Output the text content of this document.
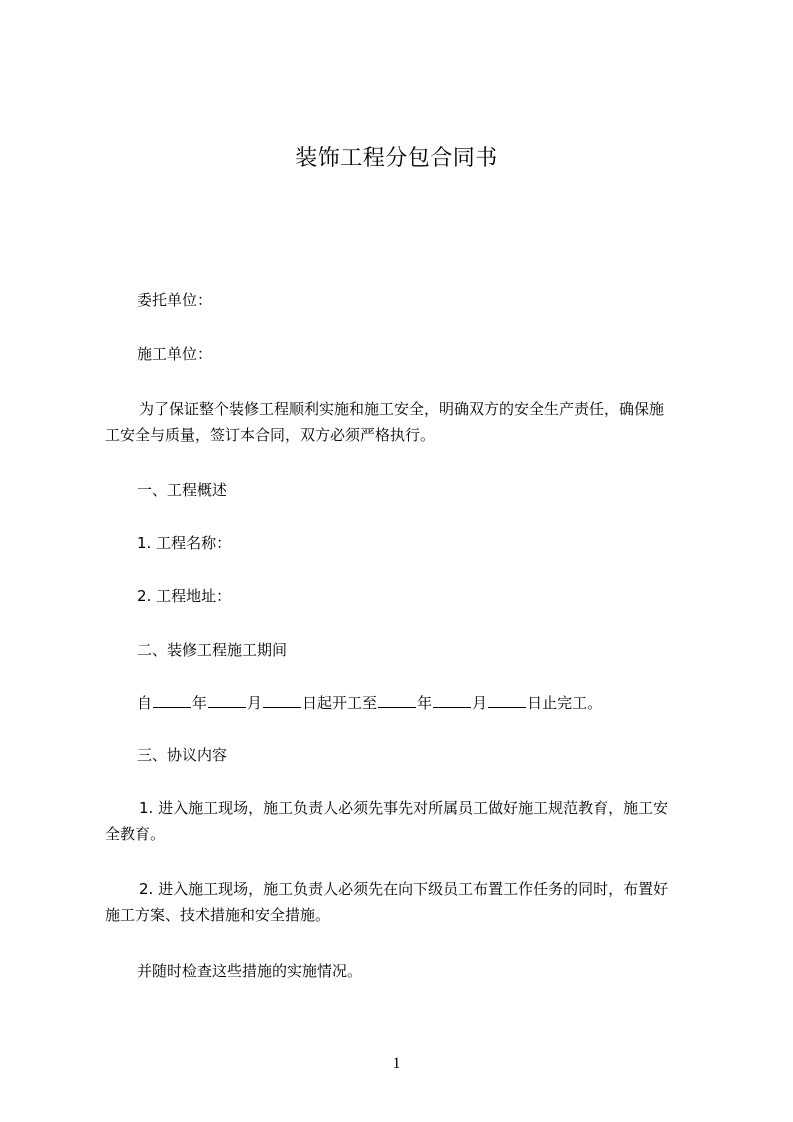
装饰工程分包合同书
委托单位：
施工单位：
为了保证整个装修工程顺利实施和施工安全，明确双方的安全生产责任，确保施
工安全与质量，签订本合同，双方必须严格执行。
一、工程概述
1. 工程名称：
2. 工程地址：
二、装修工程施工期间
自	年	月	日起开工至	年	月	日止完工。
三、协议内容
1. 进入施工现场，施工负责人必须先事先对所属员工做好施工规范教育，施工安
全教育。
2. 进入施工现场，施工负责人必须先在向下级员工布置工作任务的同时，布置好
施工方案、技术措施和安全措施。
并随时检查这些措施的实施情况。
1
